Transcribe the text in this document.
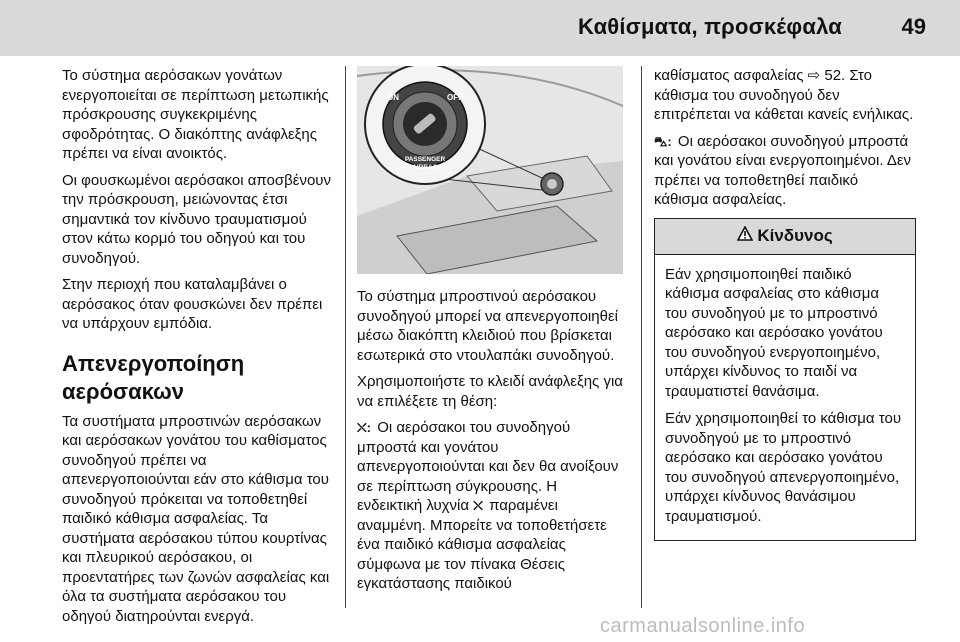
Καθίσματα, προσκέφαλα	49

Το σύστημα αερόσακων γονάτων ενεργοποιείται σε περίπτωση μετωπικής πρόσκρουσης συγκεκριμένης σφοδρότητας. Ο διακόπτης ανάφλεξης πρέπει να είναι ανοικτός.

Οι φουσκωμένοι αερόσακοι αποσβένουν την πρόσκρουση, μειώνοντας έτσι σημαντικά τον κίνδυνο τραυματισμού στον κάτω κορμό του οδηγού και του συνοδηγού.

Στην περιοχή που καταλαμβάνει ο αερόσακος όταν φουσκώνει δεν πρέπει να υπάρχουν εμπόδια.

Απενεργοποίηση αερόσακων

Τα συστήματα μπροστινών αερόσακων και αερόσακων γονάτου του καθίσματος συνοδηγού πρέπει να απενεργοποιούνται εάν στο κάθισμα του συνοδηγού πρόκειται να τοποθετηθεί παιδικό κάθισμα ασφαλείας. Τα συστήματα αερόσακου τύπου κουρτίνας και πλευρικού αερόσακου, οι προεντατήρες των ζωνών ασφαλείας και όλα τα συστήματα αερόσακου του οδηγού διατηρούνται ενεργά.

ON	OFF
PASSENGER
AIRBAG

Το σύστημα μπροστινού αερόσακου συνοδηγού μπορεί να απενεργοποιηθεί μέσω διακόπτη κλειδιού που βρίσκεται εσωτερικά στο ντουλαπάκι συνοδηγού.

Χρησιμοποιήστε το κλειδί ανάφλεξης για να επιλέξετε τη θέση:

⛌: Οι αερόσακοι του συνοδηγού μπροστά και γονάτου απενεργοποιούνται και δεν θα ανοίξουν σε περίπτωση σύγκρουσης. Η ενδεικτική λυχνία ⛌ παραμένει αναμμένη. Μπορείτε να τοποθετήσετε ένα παιδικό κάθισμα ασφαλείας σύμφωνα με τον πίνακα Θέσεις εγκατάστασης παιδικού

καθίσματος ασφαλείας ⇨ 52. Στο κάθισμα του συνοδηγού δεν επιτρέπεται να κάθεται κανείς ενήλικας.

⛍: Οι αερόσακοι συνοδηγού μπροστά και γονάτου είναι ενεργοποιημένοι. Δεν πρέπει να τοποθετηθεί παιδικό κάθισμα ασφαλείας.

Κίνδυνος

Εάν χρησιμοποιηθεί παιδικό κάθισμα ασφαλείας στο κάθισμα του συνοδηγού με το μπροστινό αερόσακο και αερόσακο γονάτου του συνοδηγού ενεργοποιημένο, υπάρχει κίνδυνος το παιδί να τραυματιστεί θανάσιμα.

Εάν χρησιμοποιηθεί το κάθισμα του συνοδηγού με το μπροστινό αερόσακο και αερόσακο γονάτου του συνοδηγού απενεργοποιημένο, υπάρχει κίνδυνος θανάσιμου τραυματισμού.

carmanualsonline.info
